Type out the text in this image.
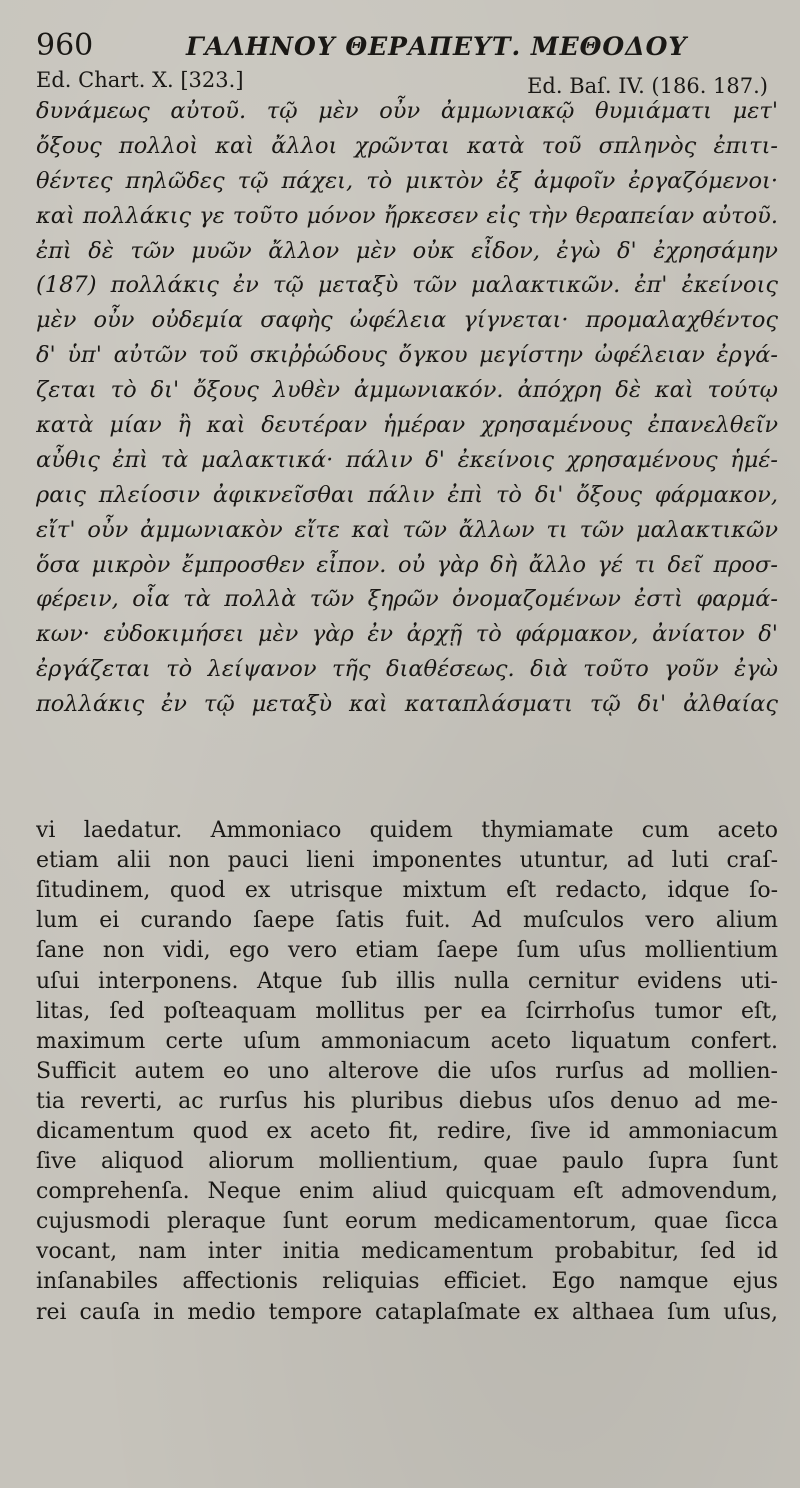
960	ΓΑΛΗΝΟΥ ΘΕΡΑΠΕΥΤ. ΜΕΘΟΔΟΥ
Ed. Chart. X. [323.]	Ed. Baſ. IV. (186. 187.)
δυνάμεως αὐτοῦ. τῷ μὲν οὖν ἀμμωνιακῷ θυμιάματι μετ'
ὄξους πολλοὶ καὶ ἄλλοι χρῶνται κατὰ τοῦ σπληνὸς ἐπιτι-
θέντες πηλῶδες τῷ πάχει, τὸ μικτὸν ἐξ ἀμφοῖν ἐργαζόμενοι·
καὶ πολλάκις γε τοῦτο μόνον ἤρκεσεν εἰς τὴν θεραπείαν αὐτοῦ.
ἐπὶ δὲ τῶν μυῶν ἄλλον μὲν οὐκ εἶδον, ἐγὼ δ' ἐχρησάμην
(187) πολλάκις ἐν τῷ μεταξὺ τῶν μαλακτικῶν. ἐπ' ἐκείνοις
μὲν οὖν οὐδεμία σαφὴς ὠφέλεια γίγνεται· προμαλαχθέντος
δ' ὑπ' αὐτῶν τοῦ σκιῤῥώδους ὄγκου μεγίστην ὠφέλειαν ἐργά-
ζεται τὸ δι' ὄξους λυθὲν ἀμμωνιακόν. ἀπόχρη δὲ καὶ τούτῳ
κατὰ μίαν ἢ καὶ δευτέραν ἡμέραν χρησαμένους ἐπανελθεῖν
αὖθις ἐπὶ τὰ μαλακτικά· πάλιν δ' ἐκείνοις χρησαμένους ἡμέ-
ραις πλείοσιν ἀφικνεῖσθαι πάλιν ἐπὶ τὸ δι' ὄξους φάρμακον,
εἴτ' οὖν ἀμμωνιακὸν εἴτε καὶ τῶν ἄλλων τι τῶν μαλακτικῶν
ὅσα μικρὸν ἔμπροσθεν εἶπον. οὐ γὰρ δὴ ἄλλο γέ τι δεῖ προσ-
φέρειν, οἷα τὰ πολλὰ τῶν ξηρῶν ὀνομαζομένων ἐστὶ φαρμά-
κων· εὐδοκιμήσει μὲν γὰρ ἐν ἀρχῇ τὸ φάρμακον, ἀνίατον δ'
ἐργάζεται τὸ λείψανον τῆς διαθέσεως. διὰ τοῦτο γοῦν ἐγὼ
πολλάκις ἐν τῷ μεταξὺ καὶ καταπλάσματι τῷ δι' ἀλθαίας
vi laedatur. Ammoniaco quidem thymiamate cum aceto
etiam alii non pauci lieni imponentes utuntur, ad luti craſ-
ſitudinem, quod ex utrisque mixtum eſt redacto, idque ſo-
lum ei curando ſaepe ſatis fuit. Ad muſculos vero alium
ſane non vidi, ego vero etiam ſaepe ſum uſus mollientium
uſui interponens. Atque ſub illis nulla cernitur evidens uti-
litas, ſed poſteaquam mollitus per ea ſcirrhoſus tumor eſt,
maximum certe uſum ammoniacum aceto liquatum confert.
Sufficit autem eo uno alterove die uſos rurſus ad mollien-
tia reverti, ac rurſus his pluribus diebus uſos denuo ad me-
dicamentum quod ex aceto fit, redire, ſive id ammoniacum
ſive aliquod aliorum mollientium, quae paulo ſupra ſunt
comprehenſa. Neque enim aliud quicquam eſt admovendum,
cujusmodi pleraque ſunt eorum medicamentorum, quae ſicca
vocant, nam inter initia medicamentum probabitur, ſed id
inſanabiles affectionis reliquias efficiet. Ego namque ejus
rei cauſa in medio tempore cataplaſmate ex althaea ſum uſus,
